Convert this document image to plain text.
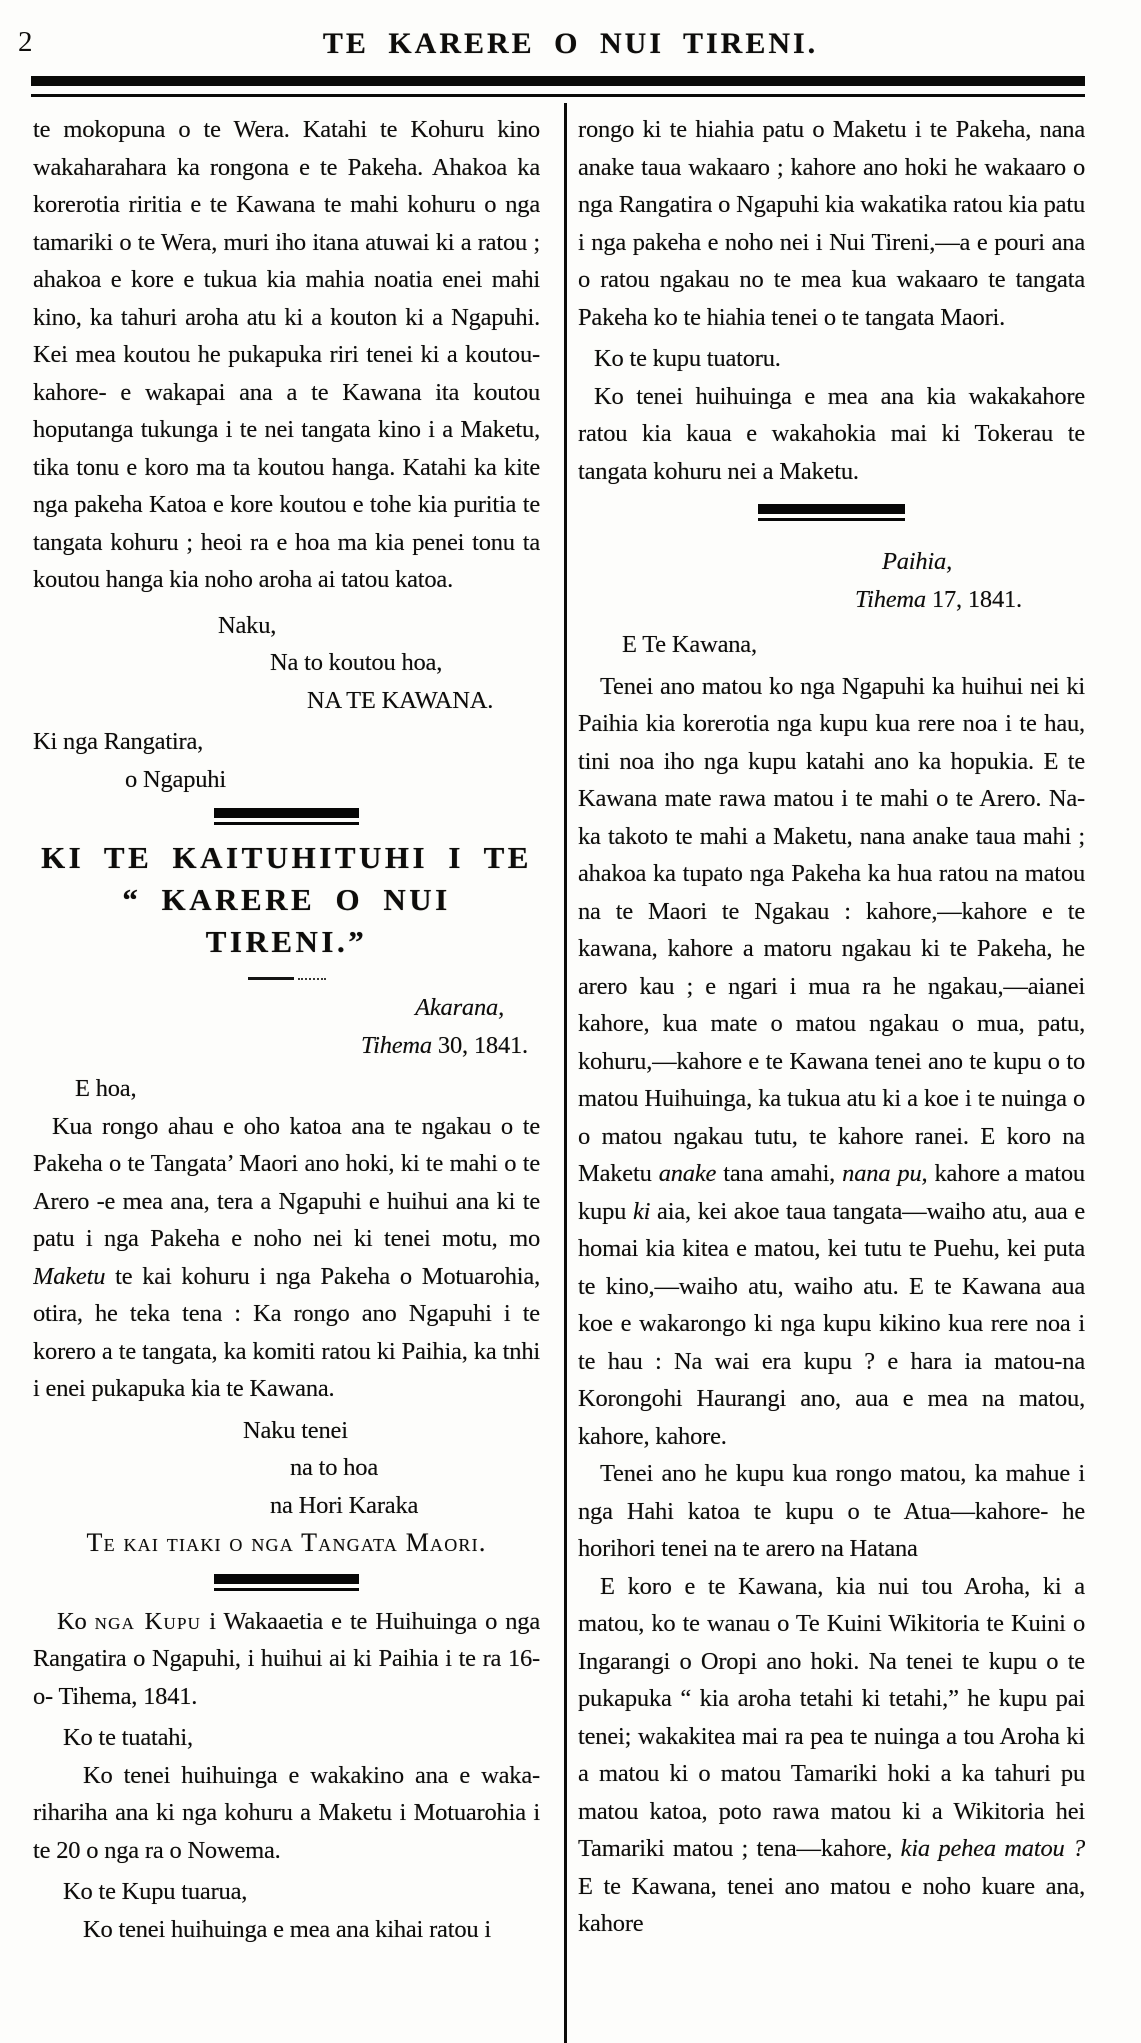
2	TE KARERE O NUI TIRENI.

te mokopuna o te Wera. Katahi te Kohuru kino wakaharahara ka rongona e te Pakeha. Ahakoa ka korerotia riritia e te Kawana te mahi kohuru o nga tamariki o te Wera, muri iho itana atuwai ki a ratou ; ahakoa e kore e tukua kia mahia noatia enei mahi kino, ka tahuri aroha atu ki a kouton ki a Ngapuhi. Kei mea koutou he pukapuka riri tenei ki a koutou-kahore- e wakapai ana a te Kawana ita koutou hoputanga tukunga i te nei tangata kino i a Maketu, tika tonu e koro ma ta koutou hanga. Katahi ka kite nga pakeha Katoa e kore koutou e tohe kia puritia te tangata kohuru ; heoi ra e hoa ma kia penei tonu ta koutou hanga kia noho aroha ai tatou katoa.

Naku,

Na to koutou hoa,

NA TE KAWANA.

Ki nga Rangatira,

o Ngapuhi

KI TE KAITUHITUHI I TE
“ KARERE O NUI TIRENI.”

Akarana,

Tihema 30, 1841.

E hoa,

Kua rongo ahau e oho katoa ana te ngakau o te Pakeha o te Tangata’ Maori ano hoki, ki te mahi o te Arero -e mea ana, tera a Ngapuhi e huihui ana ki te patu i nga Pakeha e noho nei ki tenei motu, mo Maketu te kai kohuru i nga Pakeha o Motuarohia, otira, he teka tena : Ka rongo ano Ngapuhi i te korero a te tangata, ka komiti ratou ki Paihia, ka tnhi i enei pukapuka kia te Kawana.

Naku tenei

na to hoa

na Hori Karaka

Te kai tiaki o nga Tangata Maori.

Ko nga Kupu i Wakaaetia e te Huihuinga o nga Rangatira o Ngapuhi, i huihui ai ki Paihia i te ra 16- o- Tihema, 1841.

Ko te tuatahi,

Ko tenei huihuinga e wakakino ana e waka-rihariha ana ki nga kohuru a Maketu i Motuarohia i te 20 o nga ra o Nowema.

Ko te Kupu tuarua,

Ko tenei huihuinga e mea ana kihai ratou i

rongo ki te hiahia patu o Maketu i te Pakeha, nana anake taua wakaaro ; kahore ano hoki he wakaaro o nga Rangatira o Ngapuhi kia wakatika ratou kia patu i nga pakeha e noho nei i Nui Tireni,—a e pouri ana o ratou ngakau no te mea kua wakaaro te tangata Pakeha ko te hiahia tenei o te tangata Maori.

Ko te kupu tuatoru.

Ko tenei huihuinga e mea ana kia wakakahore ratou kia kaua e wakahokia mai ki Tokerau te tangata kohuru nei a Maketu.

Paihia,

Tihema 17, 1841.

E Te Kawana,

Tenei ano matou ko nga Ngapuhi ka huihui nei ki Paihia kia korerotia nga kupu kua rere noa i te hau, tini noa iho nga kupu katahi ano ka hopukia. E te Kawana mate rawa matou i te mahi o te Arero. Na-ka takoto te mahi a Maketu, nana anake taua mahi ; ahakoa ka tupato nga Pakeha ka hua ratou na matou na te Maori te Ngakau : kahore,—kahore e te kawana, kahore a matoru ngakau ki te Pakeha, he arero kau ; e ngari i mua ra he ngakau,—aianei kahore, kua mate o matou ngakau o mua, patu, kohuru,—kahore e te Kawana tenei ano te kupu o to matou Huihuinga, ka tukua atu ki a koe i te nuinga o o matou ngakau tutu, te kahore ranei. E koro na Maketu anake tana amahi, nana pu, kahore a matou kupu ki aia, kei akoe taua tangata—waiho atu, aua e homai kia kitea e matou, kei tutu te Puehu, kei puta te kino,—waiho atu, waiho atu. E te Kawana aua koe e wakarongo ki nga kupu kikino kua rere noa i te hau : Na wai era kupu ? e hara ia matou-na Korongohi Haurangi ano, aua e mea na matou, kahore, kahore.

Tenei ano he kupu kua rongo matou, ka mahue i nga Hahi katoa te kupu o te Atua—kahore- he horihori tenei na te arero na Hatana

E koro e te Kawana, kia nui tou Aroha, ki a matou, ko te wanau o Te Kuini Wikitoria te Kuini o Ingarangi o Oropi ano hoki. Na tenei te kupu o te pukapuka “ kia aroha tetahi ki tetahi,” he kupu pai tenei; wakakitea mai ra pea te nuinga a tou Aroha ki a matou ki o matou Tamariki hoki a ka tahuri pu matou katoa, poto rawa matou ki a Wikitoria hei Tamariki matou ; tena—kahore, kia pehea matou ? E te Kawana, tenei ano matou e noho kuare ana, kahore
